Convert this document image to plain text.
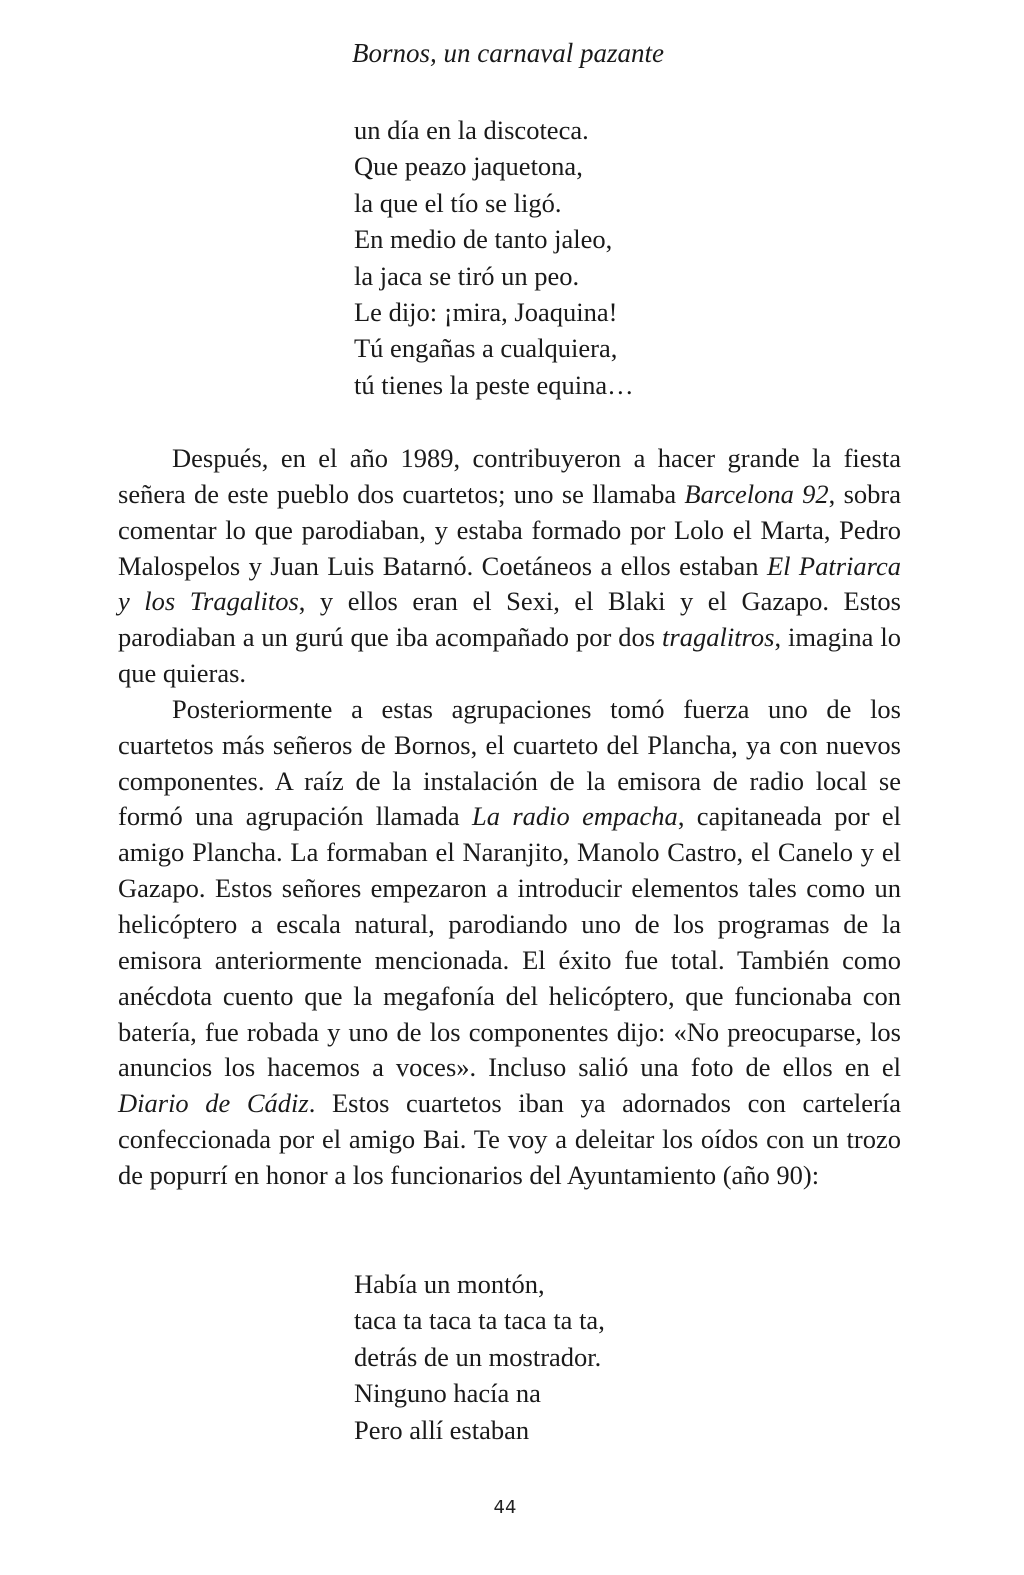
Bornos, un carnaval pazante
un día en la discoteca.
Que peazo jaquetona,
la que el tío se ligó.
En medio de tanto jaleo,
la jaca se tiró un peo.
Le dijo: ¡mira, Joaquina!
Tú engañas a cualquiera,
tú tienes la peste equina…

Después, en el año 1989, contribuyeron a hacer grande la fiesta señera de este pueblo dos cuartetos; uno se llamaba Barcelona 92, sobra comentar lo que parodiaban, y estaba formado por Lolo el Marta, Pedro Malospelos y Juan Luis Batarnó. Coetáneos a ellos estaban El Patriarca y los Tragalitos, y ellos eran el Sexi, el Blaki y el Gazapo. Estos parodiaban a un gurú que iba acompañado por dos tragalitros, imagina lo que quieras.

Posteriormente a estas agrupaciones tomó fuerza uno de los cuartetos más señeros de Bornos, el cuarteto del Plancha, ya con nuevos componentes. A raíz de la instalación de la emisora de radio local se formó una agrupación llamada La radio empacha, capitaneada por el amigo Plancha. La formaban el Naranjito, Manolo Castro, el Canelo y el Gazapo. Estos señores empezaron a introducir elementos tales como un helicóptero a escala natural, parodiando uno de los programas de la emisora anteriormente mencionada. El éxito fue total. También como anécdota cuento que la megafonía del helicóptero, que funcionaba con batería, fue robada y uno de los componentes dijo: «No preocuparse, los anuncios los hacemos a voces». Incluso salió una foto de ellos en el Diario de Cádiz. Estos cuartetos iban ya adornados con cartelería confeccionada por el amigo Bai. Te voy a deleitar los oídos con un trozo de popurrí en honor a los funcionarios del Ayuntamiento (año 90):

Había un montón,
taca ta taca ta taca ta ta,
detrás de un mostrador.
Ninguno hacía na
Pero allí estaban
44
